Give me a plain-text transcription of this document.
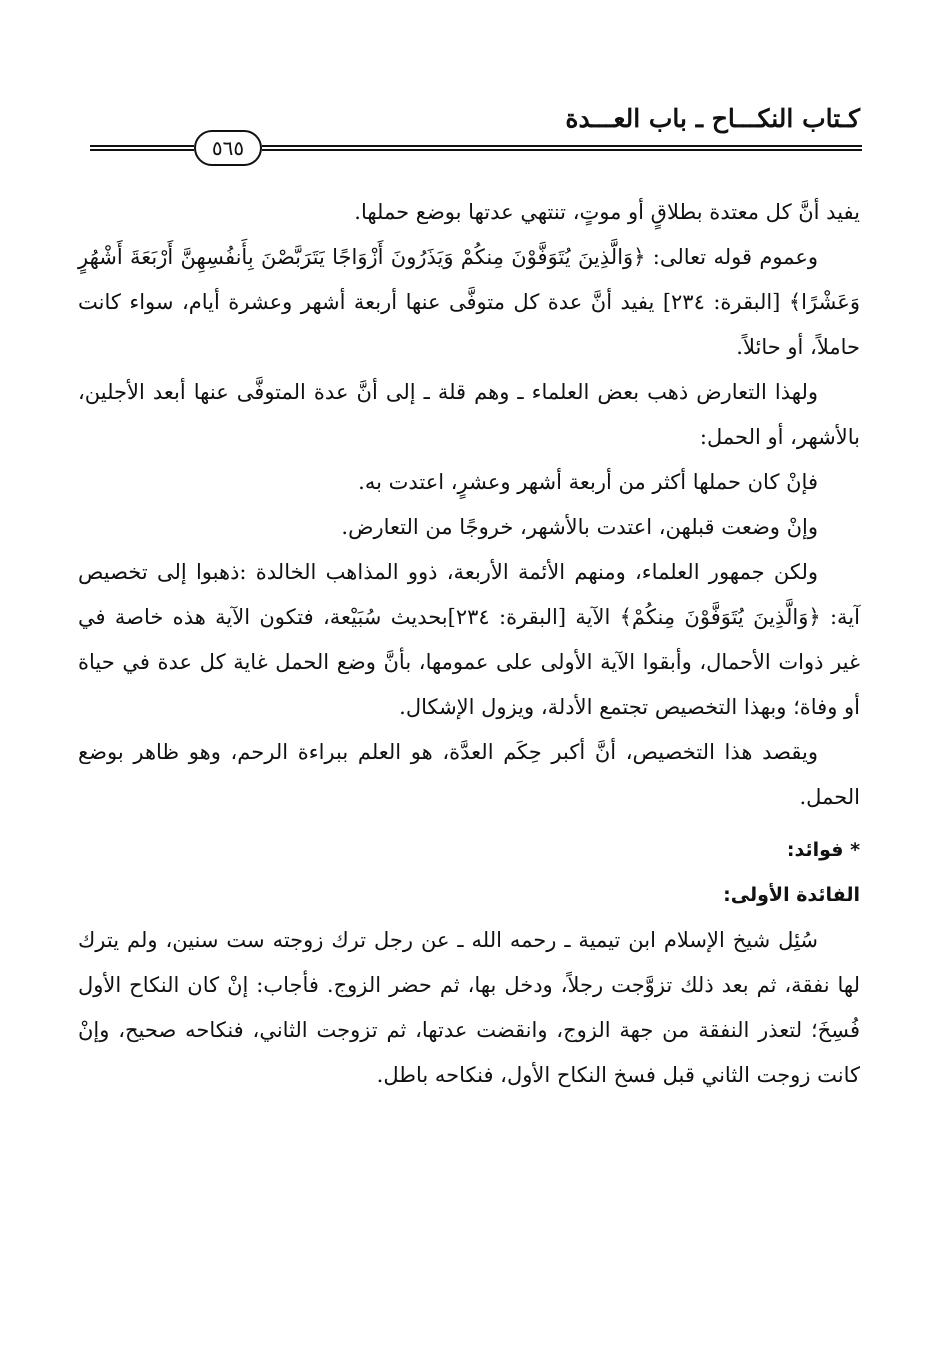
كـتاب النكـــاح ـ باب العـــدة
٥٦٥

يفيد أنَّ كل معتدة بطلاقٍ أو موتٍ، تنتهي عدتها بوضع حملها.

وعموم قوله تعالى: ﴿وَالَّذِينَ يُتَوَفَّوْنَ مِنكُمْ وَيَذَرُونَ أَزْوَاجًا يَتَرَبَّصْنَ بِأَنفُسِهِنَّ أَرْبَعَةَ أَشْهُرٍ وَعَشْرًا﴾ [البقرة: ٢٣٤] يفيد أنَّ عدة كل متوفَّى عنها أربعة أشهر وعشرة أيام، سواء كانت حاملاً، أو حائلاً.

ولهذا التعارض ذهب بعض العلماء ـ وهم قلة ـ إلى أنَّ عدة المتوفَّى عنها أبعد الأجلين، بالأشهر، أو الحمل:

فإنْ كان حملها أكثر من أربعة أشهر وعشرٍ، اعتدت به.

وإنْ وضعت قبلهن، اعتدت بالأشهر، خروجًا من التعارض.

ولكن جمهور العلماء، ومنهم الأئمة الأربعة، ذوو المذاهب الخالدة :ذهبوا إلى تخصيص آية: ﴿وَالَّذِينَ يُتَوَفَّوْنَ مِنكُمْ﴾ الآية [البقرة: ٢٣٤]بحديث سُبَيْعة، فتكون الآية هذه خاصة في غير ذوات الأحمال، وأبقوا الآية الأولى على عمومها، بأنَّ وضع الحمل غاية كل عدة في حياة أو وفاة؛ وبهذا التخصيص تجتمع الأدلة، ويزول الإشكال.

ويقصد هذا التخصيص، أنَّ أكبر حِكَم العدَّة، هو العلم ببراءة الرحم، وهو ظاهر بوضع الحمل.

* فوائد:

الفائدة الأولى:

سُئِل شيخ الإسلام ابن تيمية ـ رحمه الله ـ عن رجل ترك زوجته ست سنين، ولم يترك لها نفقة، ثم بعد ذلك تزوَّجت رجلاً، ودخل بها، ثم حضر الزوج. فأجاب: إنْ كان النكاح الأول فُسِخَ؛ لتعذر النفقة من جهة الزوج، وانقضت عدتها، ثم تزوجت الثاني، فنكاحه صحيح، وإنْ كانت زوجت الثاني قبل فسخ النكاح الأول، فنكاحه باطل.
